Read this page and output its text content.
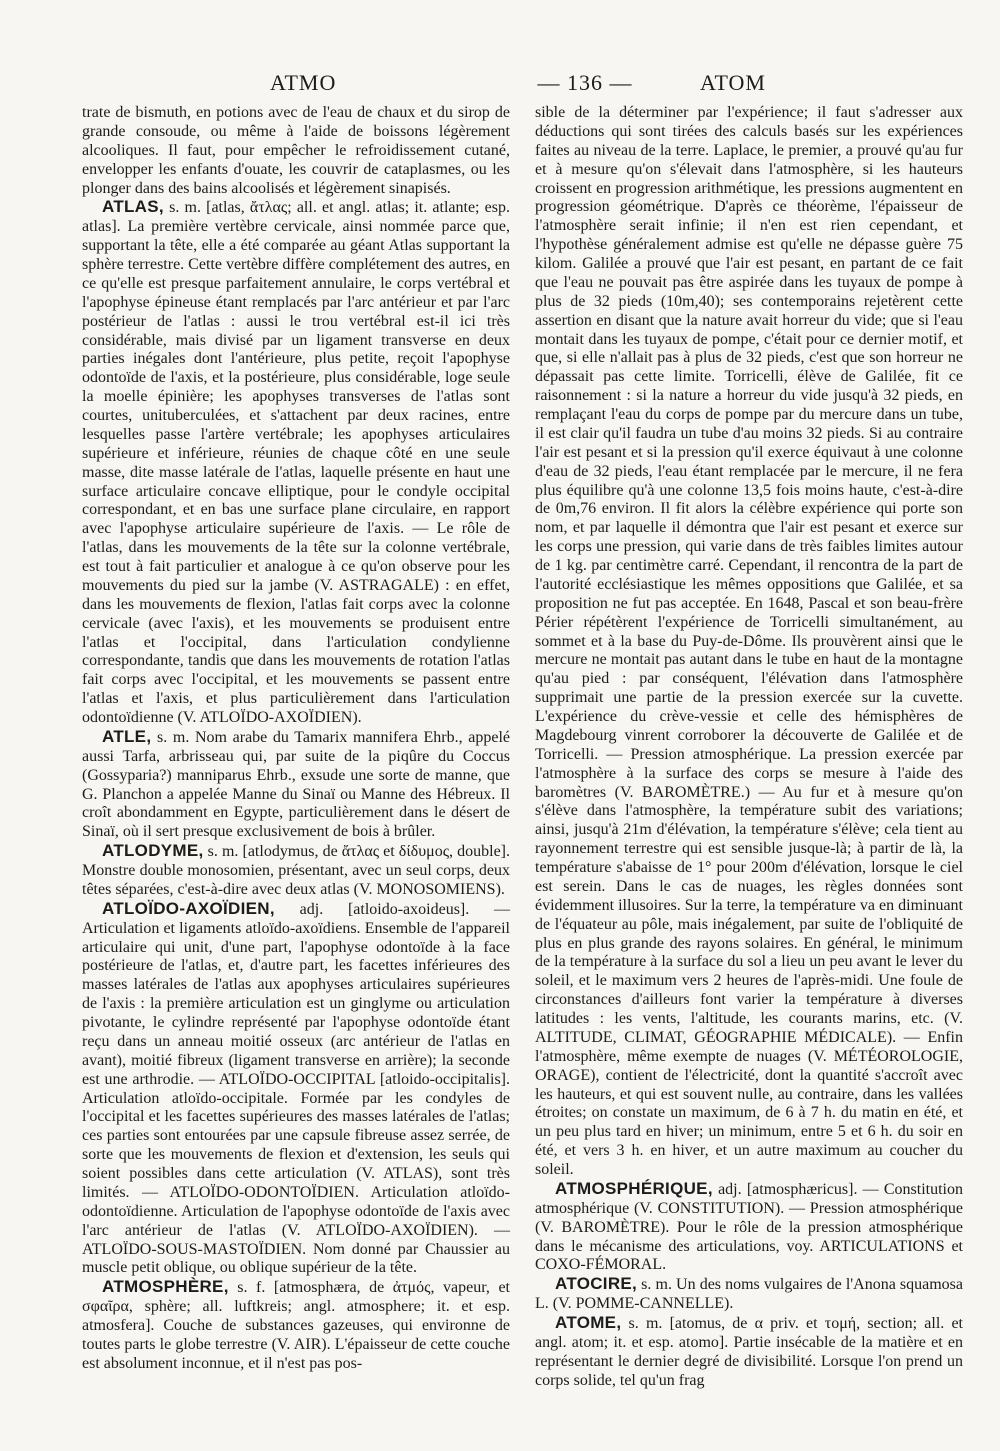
ATMO	— 136 —	ATOM

trate de bismuth, en potions avec de l'eau de chaux et du sirop de grande consoude, ou même à l'aide de boissons légèrement alcooliques. Il faut, pour empêcher le refroidissement cutané, envelopper les enfants d'ouate, les couvrir de cataplasmes, ou les plonger dans des bains alcoolisés et légèrement sinapisés.

ATLAS, s. m. [atlas, ἄτλας; all. et angl. atlas; it. atlante; esp. atlas]. La première vertèbre cervicale, ainsi nommée parce que, supportant la tête, elle a été comparée au géant Atlas supportant la sphère terrestre. Cette vertèbre diffère complétement des autres, en ce qu'elle est presque parfaitement annulaire, le corps vertébral et l'apophyse épineuse étant remplacés par l'arc antérieur et par l'arc postérieur de l'atlas : aussi le trou vertébral est-il ici très considérable, mais divisé par un ligament transverse en deux parties inégales dont l'antérieure, plus petite, reçoit l'apophyse odontoïde de l'axis, et la postérieure, plus considérable, loge seule la moelle épinière; les apophyses transverses de l'atlas sont courtes, unituberculées, et s'attachent par deux racines, entre lesquelles passe l'artère vertébrale; les apophyses articulaires supérieure et inférieure, réunies de chaque côté en une seule masse, dite masse latérale de l'atlas, laquelle présente en haut une surface articulaire concave elliptique, pour le condyle occipital correspondant, et en bas une surface plane circulaire, en rapport avec l'apophyse articulaire supérieure de l'axis. — Le rôle de l'atlas, dans les mouvements de la tête sur la colonne vertébrale, est tout à fait particulier et analogue à ce qu'on observe pour les mouvements du pied sur la jambe (V. ASTRAGALE) : en effet, dans les mouvements de flexion, l'atlas fait corps avec la colonne cervicale (avec l'axis), et les mouvements se produisent entre l'atlas et l'occipital, dans l'articulation condylienne correspondante, tandis que dans les mouvements de rotation l'atlas fait corps avec l'occipital, et les mouvements se passent entre l'atlas et l'axis, et plus particulièrement dans l'articulation odontoïdienne (V. ATLOÏDO-AXOÏDIEN).

ATLE, s. m. Nom arabe du Tamarix mannifera Ehrb., appelé aussi Tarfa, arbrisseau qui, par suite de la piqûre du Coccus (Gossyparia?) manniparus Ehrb., exsude une sorte de manne, que G. Planchon a appelée Manne du Sinaï ou Manne des Hébreux. Il croît abondamment en Egypte, particulièrement dans le désert de Sinaï, où il sert presque exclusivement de bois à brûler.

ATLODYME, s. m. [atlodymus, de ἄτλας et δίδυμος, double]. Monstre double monosomien, présentant, avec un seul corps, deux têtes séparées, c'est-à-dire avec deux atlas (V. MONOSOMIENS).

ATLOÏDO-AXOÏDIEN, adj. [atloido-axoideus]. — Articulation et ligaments atloïdo-axoïdiens. Ensemble de l'appareil articulaire qui unit, d'une part, l'apophyse odontoïde à la face postérieure de l'atlas, et, d'autre part, les facettes inférieures des masses latérales de l'atlas aux apophyses articulaires supérieures de l'axis : la première articulation est un ginglyme ou articulation pivotante, le cylindre représenté par l'apophyse odontoïde étant reçu dans un anneau moitié osseux (arc antérieur de l'atlas en avant), moitié fibreux (ligament transverse en arrière); la seconde est une arthrodie. — ATLOÏDO-OCCIPITAL [atloido-occipitalis]. Articulation atloïdo-occipitale. Formée par les condyles de l'occipital et les facettes supérieures des masses latérales de l'atlas; ces parties sont entourées par une capsule fibreuse assez serrée, de sorte que les mouvements de flexion et d'extension, les seuls qui soient possibles dans cette articulation (V. ATLAS), sont très limités. — ATLOÏDO-ODONTOÏDIEN. Articulation atloïdo-odontoïdienne. Articulation de l'apophyse odontoïde de l'axis avec l'arc antérieur de l'atlas (V. ATLOÏDO-AXOÏDIEN). — ATLOÏDO-SOUS-MASTOÏDIEN. Nom donné par Chaussier au muscle petit oblique, ou oblique supérieur de la tête.

ATMOSPHÈRE, s. f. [atmosphæra, de ἀτμός, vapeur, et σφαῖρα, sphère; all. luftkreis; angl. atmosphere; it. et esp. atmosfera]. Couche de substances gazeuses, qui environne de toutes parts le globe terrestre (V. AIR). L'épaisseur de cette couche est absolument inconnue, et il n'est pas pos-

sible de la déterminer par l'expérience; il faut s'adresser aux déductions qui sont tirées des calculs basés sur les expériences faites au niveau de la terre. Laplace, le premier, a prouvé qu'au fur et à mesure qu'on s'élevait dans l'atmosphère, si les hauteurs croissent en progression arithmétique, les pressions augmentent en progression géométrique. D'après ce théorème, l'épaisseur de l'atmosphère serait infinie; il n'en est rien cependant, et l'hypothèse généralement admise est qu'elle ne dépasse guère 75 kilom. Galilée a prouvé que l'air est pesant, en partant de ce fait que l'eau ne pouvait pas être aspirée dans les tuyaux de pompe à plus de 32 pieds (10m,40); ses contemporains rejetèrent cette assertion en disant que la nature avait horreur du vide; que si l'eau montait dans les tuyaux de pompe, c'était pour ce dernier motif, et que, si elle n'allait pas à plus de 32 pieds, c'est que son horreur ne dépassait pas cette limite. Torricelli, élève de Galilée, fit ce raisonnement : si la nature a horreur du vide jusqu'à 32 pieds, en remplaçant l'eau du corps de pompe par du mercure dans un tube, il est clair qu'il faudra un tube d'au moins 32 pieds. Si au contraire l'air est pesant et si la pression qu'il exerce équivaut à une colonne d'eau de 32 pieds, l'eau étant remplacée par le mercure, il ne fera plus équilibre qu'à une colonne 13,5 fois moins haute, c'est-à-dire de 0m,76 environ. Il fit alors la célèbre expérience qui porte son nom, et par laquelle il démontra que l'air est pesant et exerce sur les corps une pression, qui varie dans de très faibles limites autour de 1 kg. par centimètre carré. Cependant, il rencontra de la part de l'autorité ecclésiastique les mêmes oppositions que Galilée, et sa proposition ne fut pas acceptée. En 1648, Pascal et son beau-frère Périer répétèrent l'expérience de Torricelli simultanément, au sommet et à la base du Puy-de-Dôme. Ils prouvèrent ainsi que le mercure ne montait pas autant dans le tube en haut de la montagne qu'au pied : par conséquent, l'élévation dans l'atmosphère supprimait une partie de la pression exercée sur la cuvette. L'expérience du crève-vessie et celle des hémisphères de Magdebourg vinrent corroborer la découverte de Galilée et de Torricelli. — Pression atmosphérique. La pression exercée par l'atmosphère à la surface des corps se mesure à l'aide des baromètres (V. BAROMÈTRE.) — Au fur et à mesure qu'on s'élève dans l'atmosphère, la température subit des variations; ainsi, jusqu'à 21m d'élévation, la température s'élève; cela tient au rayonnement terrestre qui est sensible jusque-là; à partir de là, la température s'abaisse de 1° pour 200m d'élévation, lorsque le ciel est serein. Dans le cas de nuages, les règles données sont évidemment illusoires. Sur la terre, la température va en diminuant de l'équateur au pôle, mais inégalement, par suite de l'obliquité de plus en plus grande des rayons solaires. En général, le minimum de la température à la surface du sol a lieu un peu avant le lever du soleil, et le maximum vers 2 heures de l'après-midi. Une foule de circonstances d'ailleurs font varier la température à diverses latitudes : les vents, l'altitude, les courants marins, etc. (V. ALTITUDE, CLIMAT, GÉOGRAPHIE MÉDICALE). — Enfin l'atmosphère, même exempte de nuages (V. MÉTÉOROLOGIE, ORAGE), contient de l'électricité, dont la quantité s'accroît avec les hauteurs, et qui est souvent nulle, au contraire, dans les vallées étroites; on constate un maximum, de 6 à 7 h. du matin en été, et un peu plus tard en hiver; un minimum, entre 5 et 6 h. du soir en été, et vers 3 h. en hiver, et un autre maximum au coucher du soleil.

ATMOSPHÉRIQUE, adj. [atmosphæricus]. — Constitution atmosphérique (V. CONSTITUTION). — Pression atmosphérique (V. BAROMÈTRE). Pour le rôle de la pression atmosphérique dans le mécanisme des articulations, voy. ARTICULATIONS et COXO-FÉMORAL.

ATOCIRE, s. m. Un des noms vulgaires de l'Anona squamosa L. (V. POMME-CANNELLE).

ATOME, s. m. [atomus, de α priv. et τομή, section; all. et angl. atom; it. et esp. atomo]. Partie insécable de la matière et en représentant le dernier degré de divisibilité. Lorsque l'on prend un corps solide, tel qu'un frag
